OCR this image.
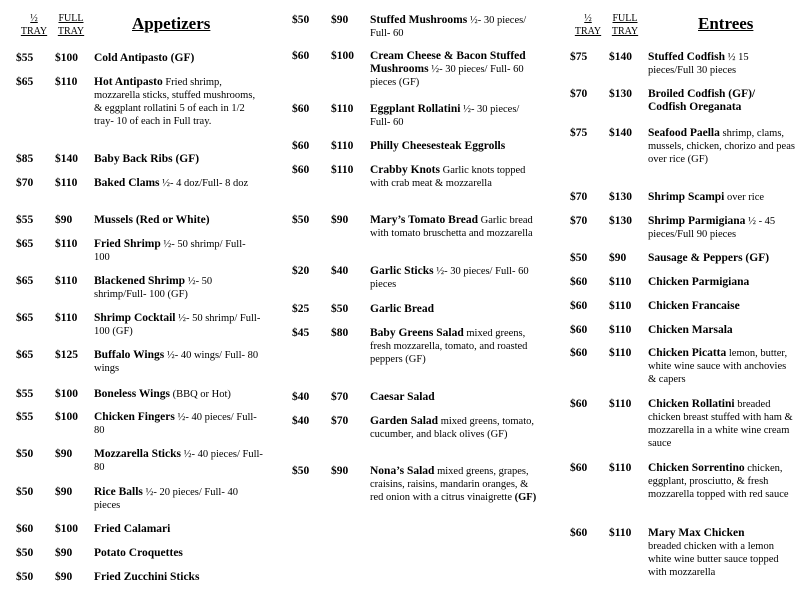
½
TRAY
FULL
TRAY	Appetizers
$55 $100 Cold Antipasto (GF)
$65 $110 Hot Antipasto Fried shrimp, mozzarella sticks, stuffed mushrooms, & eggplant rollatini 5 of each in 1/2 tray- 10 of each in Full tray.
$85 $140 Baby Back Ribs (GF)
$70 $110 Baked Clams ½- 4 doz/Full- 8 doz
$55 $90 Mussels (Red or White)
$65 $110 Fried Shrimp ½- 50 shrimp/ Full- 100
$65 $110 Blackened Shrimp ½- 50 shrimp/Full- 100 (GF)
$65 $110 Shrimp Cocktail ½- 50 shrimp/ Full- 100 (GF)
$65 $125 Buffalo Wings ½- 40 wings/ Full- 80 wings
$55 $100 Boneless Wings (BBQ or Hot)
$55 $100 Chicken Fingers ½- 40 pieces/ Full- 80
$50 $90 Mozzarella Sticks ½- 40 pieces/ Full- 80
$50 $90 Rice Balls ½- 20 pieces/ Full- 40 pieces
$60 $100 Fried Calamari
$50 $90 Potato Croquettes
$50 $90 Fried Zucchini Sticks
$50 $90 Stuffed Mushrooms ½- 30 pieces/ Full- 60
$60 $100 Cream Cheese & Bacon Stuffed Mushrooms ½- 30 pieces/ Full- 60 pieces (GF)
$60 $110 Eggplant Rollatini ½- 30 pieces/ Full- 60
$60 $110 Philly Cheesesteak Eggrolls
$60 $110 Crabby Knots Garlic knots topped with crab meat & mozzarella
$50 $90 Mary’s Tomato Bread Garlic bread with tomato bruschetta and mozzarella
$20 $40 Garlic Sticks ½- 30 pieces/ Full- 60 pieces
$25 $50 Garlic Bread
$45 $80 Baby Greens Salad mixed greens, fresh mozzarella, tomato, and roasted peppers (GF)
$40 $70 Caesar Salad
$40 $70 Garden Salad mixed greens, tomato, cucumber, and black olives (GF)
$50 $90 Nona’s Salad mixed greens, grapes, craisins, raisins, mandarin oranges, & red onion with a citrus vinaigrette (GF)
½
TRAY
FULL
TRAY	Entrees
$75 $140 Stuffed Codfish ½ 15 pieces/Full 30 pieces
$70 $130 Broiled Codfish (GF)/ Codfish Oreganata
$75 $140 Seafood Paella shrimp, clams, mussels, chicken, chorizo and peas over rice (GF)
$70 $130 Shrimp Scampi over rice
$70 $130 Shrimp Parmigiana ½ - 45 pieces/Full 90 pieces
$50 $90 Sausage & Peppers (GF)
$60 $110 Chicken Parmigiana
$60 $110 Chicken Francaise
$60 $110 Chicken Marsala
$60 $110 Chicken Picatta lemon, butter, white wine sauce with anchovies & capers
$60 $110 Chicken Rollatini breaded chicken breast stuffed with ham & mozzarella in a white wine cream sauce
$60 $110 Chicken Sorrentino chicken, eggplant, prosciutto, & fresh mozzarella topped with red sauce
$60 $110 Mary Max Chicken
breaded chicken with a lemon white wine butter sauce topped with mozzarella
